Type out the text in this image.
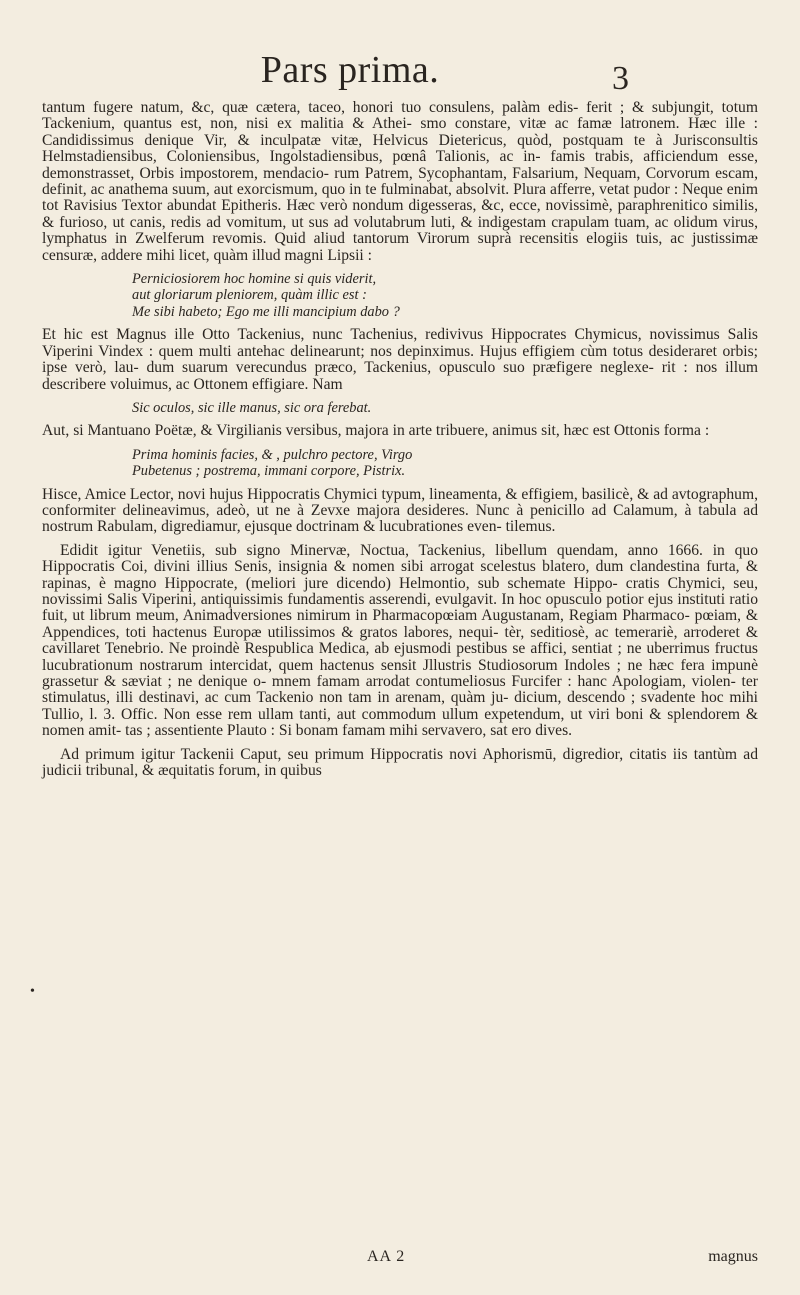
Pars prima.	3
•

tantum fugere natum, &c, quæ cætera, taceo, honori tuo consulens, palàm edis- ferit ; & subjungit, totum Tackenium, quantus est, non, nisi ex malitia & Athei- smo constare, vitæ ac famæ latronem. Hæc ille : Candidissimus denique Vir, & inculpatæ vitæ, Helvicus Dietericus, quòd, postquam te à Jurisconsultis Helmstadiensibus, Coloniensibus, Ingolstadiensibus, pœnâ Talionis, ac in- famis trabis, afficiendum esse, demonstrasset, Orbis impostorem, mendacio- rum Patrem, Sycophantam, Falsarium, Nequam, Corvorum escam, definit, ac anathema suum, aut exorcismum, quo in te fulminabat, absolvit. Plura afferre, vetat pudor : Neque enim tot Ravisius Textor abundat Epitheris. Hæc verò nondum digesseras, &c, ecce, novissimè, paraphrenitico similis, & furioso, ut canis, redis ad vomitum, ut sus ad volutabrum luti, & indigestam crapulam tuam, ac olidum virus, lymphatus in Zwelferum revomis. Quid aliud tantorum Virorum suprà recensitis elogiis tuis, ac justissimæ censuræ, addere mihi licet, quàm illud magni Lipsii :

Perniciosiorem hoc homine si quis viderit,
aut gloriarum pleniorem, quàm illic est :
Me sibi habeto; Ego me illi mancipium dabo ?

Et hic est Magnus ille Otto Tackenius, nunc Tachenius, redivivus Hippocrates Chymicus, novissimus Salis Viperini Vindex : quem multi antehac delinearunt; nos depinximus. Hujus effigiem cùm totus desideraret orbis; ipse verò, lau- dum suarum verecundus præco, Tackenius, opusculo suo præfigere neglexe- rit : nos illum describere voluimus, ac Ottonem effigiare. Nam

Sic oculos, sic ille manus, sic ora ferebat.

Aut, si Mantuano Poëtæ, & Virgilianis versibus, majora in arte tribuere, animus sit, hæc est Ottonis forma :

Prima hominis facies, & , pulchro pectore, Virgo
Pubetenus ; postrema, immani corpore, Pistrix.

Hisce, Amice Lector, novi hujus Hippocratis Chymici typum, lineamenta, & effigiem, basilicè, & ad avtographum, conformiter delineavimus, adeò, ut ne à Zevxe majora desideres. Nunc à penicillo ad Calamum, à tabula ad nostrum Rabulam, digrediamur, ejusque doctrinam & lucubrationes even- tilemus.

Edidit igitur Venetiis, sub signo Minervæ, Noctua, Tackenius, libellum quendam, anno 1666. in quo Hippocratis Coi, divini illius Senis, insignia & nomen sibi arrogat scelestus blatero, dum clandestina furta, & rapinas, è magno Hippocrate, (meliori jure dicendo) Helmontio, sub schemate Hippo- cratis Chymici, seu, novissimi Salis Viperini, antiquissimis fundamentis asserendi, evulgavit. In hoc opusculo potior ejus instituti ratio fuit, ut librum meum, Animadversiones nimirum in Pharmacopœiam Augustanam, Regiam Pharmaco- pœiam, & Appendices, toti hactenus Europæ utilissimos & gratos labores, nequi- tèr, seditiosè, ac temerariè, arroderet & cavillaret Tenebrio. Ne proindè Respublica Medica, ab ejusmodi pestibus se affici, sentiat ; ne uberrimus fructus lucubrationum nostrarum intercidat, quem hactenus sensit Jllustris Studiosorum Indoles ; ne hæc fera impunè grassetur & sæviat ; ne denique o- mnem famam arrodat contumeliosus Furcifer : hanc Apologiam, violen- ter stimulatus, illi destinavi, ac cum Tackenio non tam in arenam, quàm ju- dicium, descendo ; svadente hoc mihi Tullio, l. 3. Offic. Non esse rem ullam tanti, aut commodum ullum expetendum, ut viri boni & splendorem & nomen amit- tas ; assentiente Plauto : Si bonam famam mihi servavero, sat ero dives.

Ad primum igitur Tackenii Caput, seu primum Hippocratis novi Aphorismū, digredior, citatis iis tantùm ad judicii tribunal, & æquitatis forum, in quibus

AA 2	magnus
